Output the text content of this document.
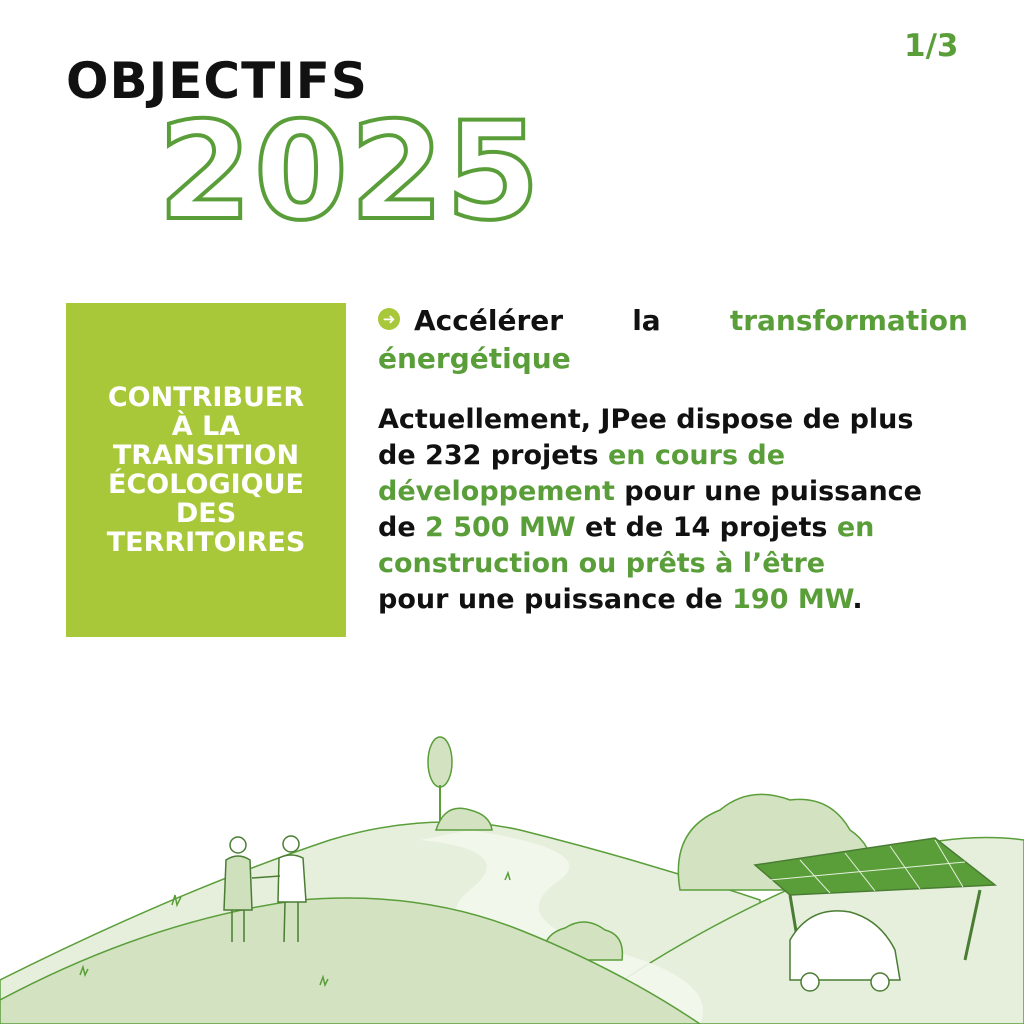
1/3
OBJECTIFS
2025
CONTRIBUER
À LA
TRANSITION
ÉCOLOGIQUE
DES
TERRITOIRES
➜ Accélérer la transformation
énergétique
Actuellement, JPee dispose de plus
de 232 projets en cours de
développement pour une puissance
de 2 500 MW et de 14 projets en
construction ou prêts à l’être
pour une puissance de 190 MW.
